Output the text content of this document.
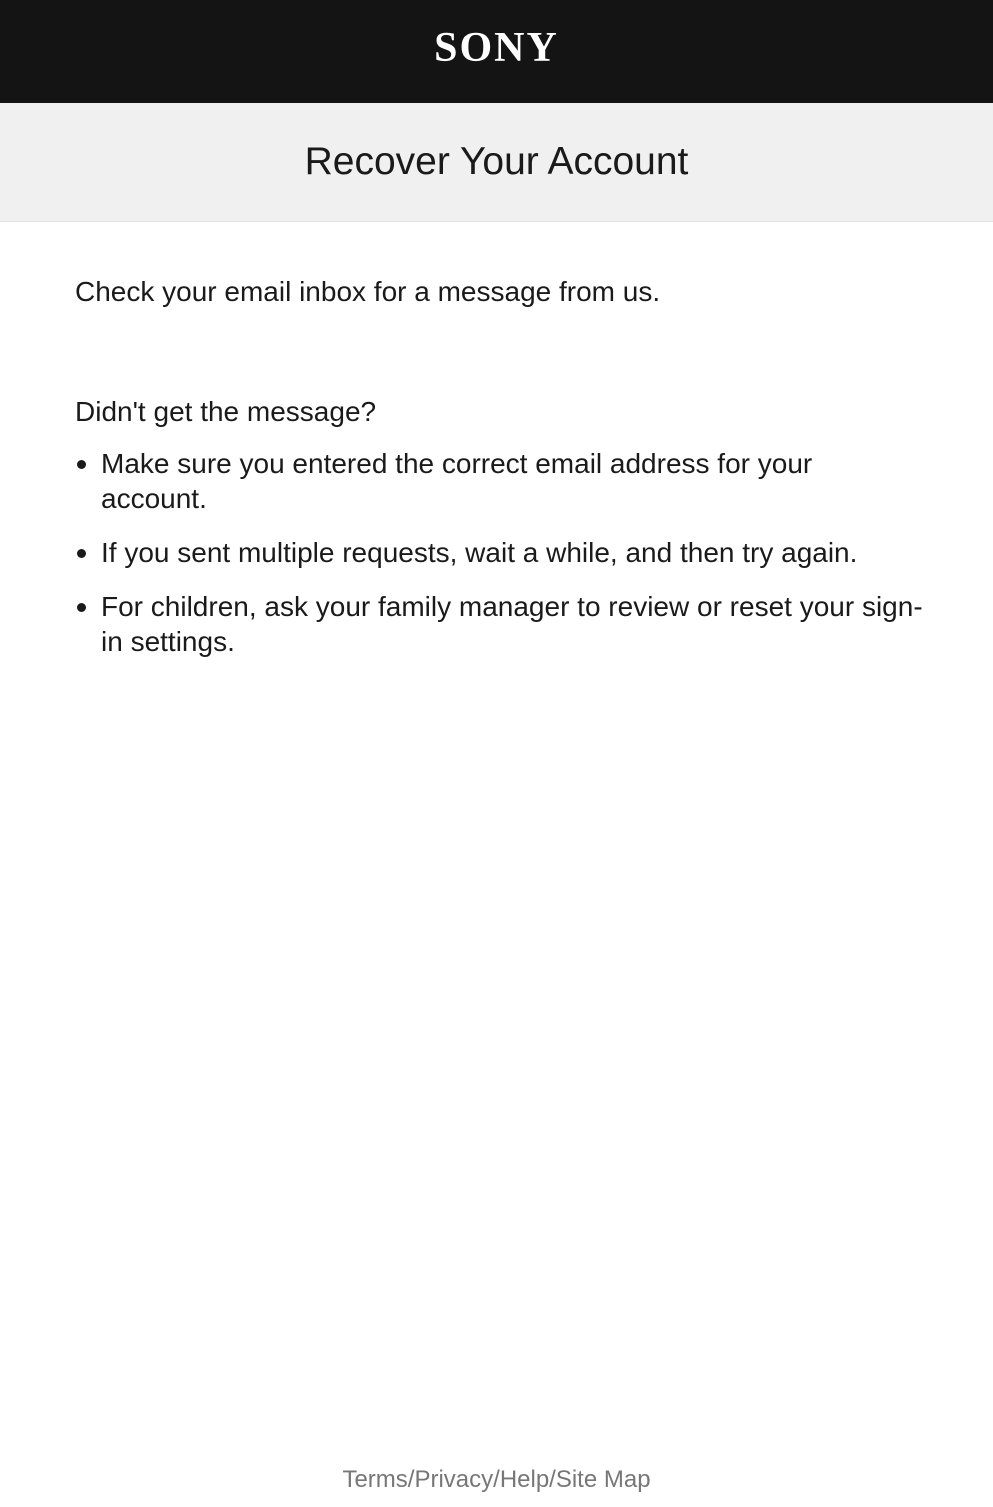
SONY
Recover Your Account

Check your email inbox for a message from us.

Didn't get the message?

Make sure you entered the correct email address for your account.
If you sent multiple requests, wait a while, and then try again.
For children, ask your family manager to review or reset your sign-in settings.
Terms/Privacy/Help/Site Map
